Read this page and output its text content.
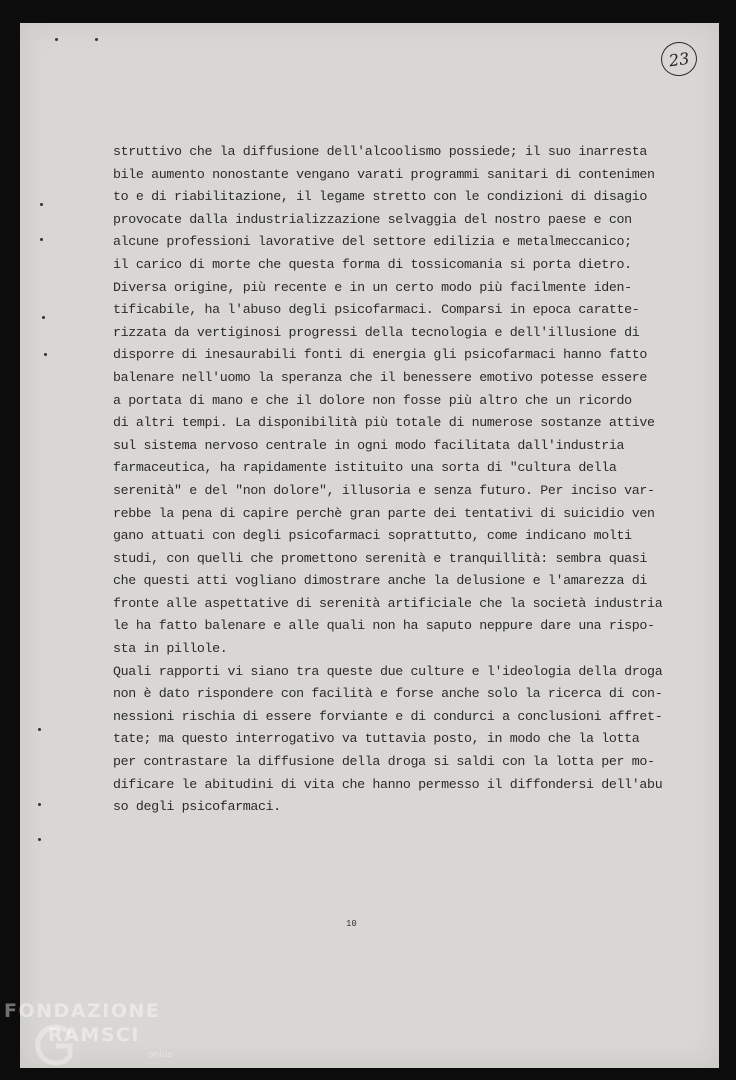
23
struttivo che la diffusione dell'alcoolismo possiede; il suo inarresta
bile aumento nonostante vengano varati programmi sanitari di contenimen
to e di riabilitazione, il legame stretto con le condizioni di disagio
provocate dalla industrializzazione selvaggia del nostro paese e con
alcune professioni lavorative del settore edilizia e metalmeccanico;
il carico di morte che questa forma di tossicomania si porta dietro.
Diversa origine, più recente e in un certo modo più facilmente iden-
tificabile, ha l'abuso degli psicofarmaci. Comparsi in epoca caratte-
rizzata da vertiginosi progressi della tecnologia e dell'illusione di
disporre di inesaurabili fonti di energia gli psicofarmaci hanno fatto
balenare nell'uomo la speranza che il benessere emotivo potesse essere
a portata di mano e che il dolore non fosse più altro che un ricordo
di altri tempi. La disponibilità più totale di numerose sostanze attive
sul sistema nervoso centrale in ogni modo facilitata dall'industria
farmaceutica, ha rapidamente istituito una sorta di "cultura della
serenità" e del "non dolore", illusoria e senza futuro. Per inciso var-
rebbe la pena di capire perchè gran parte dei tentativi di suicidio ven
gano attuati con degli psicofarmaci soprattutto, come indicano molti
studi, con quelli che promettono serenità e tranquillità: sembra quasi
che questi atti vogliano dimostrare anche la delusione e l'amarezza di
fronte alle aspettative di serenità artificiale che la società industria
le ha fatto balenare e alle quali non ha saputo neppure dare una rispo-
sta in pillole.
Quali rapporti vi siano tra queste due culture e l'ideologia della droga
non è dato rispondere con facilità e forse anche solo la ricerca di con-
nessioni rischia di essere forviante e di condurci a conclusioni affret-
tate; ma questo interrogativo va tuttavia posto, in modo che la lotta
per contrastare la diffusione della droga si saldi con la lotta per mo-
dificare le abitudini di vita che hanno permesso il diffondersi dell'abu
so degli psicofarmaci.
10
FONDAZIONE
RAMSCI
onlus
